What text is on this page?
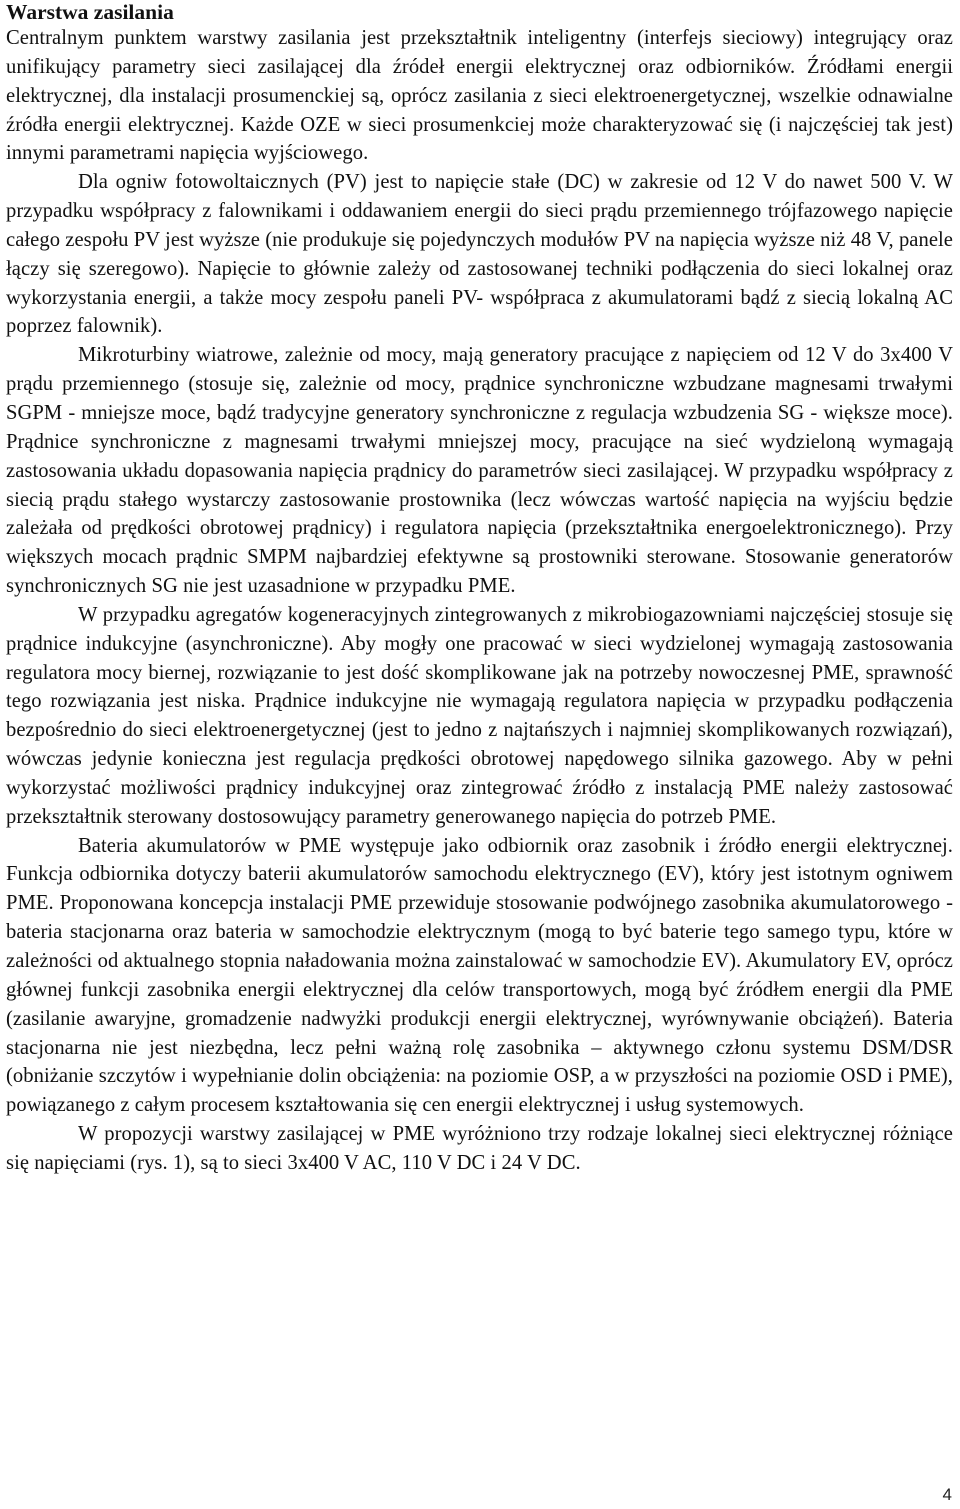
Warstwa zasilania

Centralnym punktem warstwy zasilania jest przekształtnik inteligentny (interfejs sieciowy) integrujący oraz unifikujący parametry sieci zasilającej dla źródeł energii elektrycznej oraz odbiorników. Źródłami energii elektrycznej, dla instalacji prosumenckiej są, oprócz zasilania z sieci elektroenergetycznej, wszelkie odnawialne źródła energii elektrycznej. Każde OZE w sieci prosumenkciej może charakteryzować się (i najczęściej tak jest) innymi parametrami napięcia wyjściowego.

Dla ogniw fotowoltaicznych (PV) jest to napięcie stałe (DC) w zakresie od 12 V do nawet 500 V. W przypadku współpracy z falownikami i oddawaniem energii do sieci prądu przemiennego trójfazowego napięcie całego zespołu PV jest wyższe (nie produkuje się pojedynczych modułów PV na napięcia wyższe niż 48 V, panele łączy się szeregowo). Napięcie to głównie zależy od zastosowanej techniki podłączenia do sieci lokalnej oraz wykorzystania energii, a także mocy zespołu paneli PV- współpraca z akumulatorami bądź z siecią lokalną AC poprzez falownik).

Mikroturbiny wiatrowe, zależnie od mocy, mają generatory pracujące z napięciem od 12 V do 3x400 V prądu przemiennego (stosuje się, zależnie od mocy, prądnice synchroniczne wzbudzane magnesami trwałymi SGPM - mniejsze moce, bądź tradycyjne generatory synchroniczne z regulacja wzbudzenia SG - większe moce). Prądnice synchroniczne z magnesami trwałymi mniejszej mocy, pracujące na sieć wydzieloną wymagają zastosowania układu dopasowania napięcia prądnicy do parametrów sieci zasilającej. W przypadku współpracy z siecią prądu stałego wystarczy zastosowanie prostownika (lecz wówczas wartość napięcia na wyjściu będzie zależała od prędkości obrotowej prądnicy) i regulatora napięcia (przekształtnika energoelektronicznego). Przy większych mocach prądnic SMPM najbardziej efektywne są prostowniki sterowane. Stosowanie generatorów synchronicznych SG nie jest uzasadnione w przypadku PME.

W przypadku agregatów kogeneracyjnych zintegrowanych z mikrobiogazowniami najczęściej stosuje się prądnice indukcyjne (asynchroniczne). Aby mogły one pracować w sieci wydzielonej wymagają zastosowania regulatora mocy biernej, rozwiązanie to jest dość skomplikowane jak na potrzeby nowoczesnej PME, sprawność tego rozwiązania jest niska. Prądnice indukcyjne nie wymagają regulatora napięcia w przypadku podłączenia bezpośrednio do sieci elektroenergetycznej (jest to jedno z najtańszych i najmniej skomplikowanych rozwiązań), wówczas jedynie konieczna jest regulacja prędkości obrotowej napędowego silnika gazowego. Aby w pełni wykorzystać możliwości prądnicy indukcyjnej oraz zintegrować źródło z instalacją PME należy zastosować przekształtnik sterowany dostosowujący parametry generowanego napięcia do potrzeb PME.

Bateria akumulatorów w PME występuje jako odbiornik oraz zasobnik i źródło energii elektrycznej. Funkcja odbiornika dotyczy baterii akumulatorów samochodu elektrycznego (EV), który jest istotnym ogniwem PME. Proponowana koncepcja instalacji PME przewiduje stosowanie podwójnego zasobnika akumulatorowego - bateria stacjonarna oraz bateria w samochodzie elektrycznym (mogą to być baterie tego samego typu, które w zależności od aktualnego stopnia naładowania można zainstalować w samochodzie EV). Akumulatory EV, oprócz głównej funkcji zasobnika energii elektrycznej dla celów transportowych, mogą być źródłem energii dla PME (zasilanie awaryjne, gromadzenie nadwyżki produkcji energii elektrycznej, wyrównywanie obciążeń). Bateria stacjonarna nie jest niezbędna, lecz pełni ważną rolę zasobnika – aktywnego członu systemu DSM/DSR (obniżanie szczytów i wypełnianie dolin obciążenia: na poziomie OSP, a w przyszłości na poziomie OSD i PME), powiązanego z całym procesem kształtowania się cen energii elektrycznej i usług systemowych.

W propozycji warstwy zasilającej w PME wyróżniono trzy rodzaje lokalnej sieci elektrycznej różniące się napięciami (rys. 1), są to sieci 3x400 V AC, 110 V DC i 24 V DC.

4
